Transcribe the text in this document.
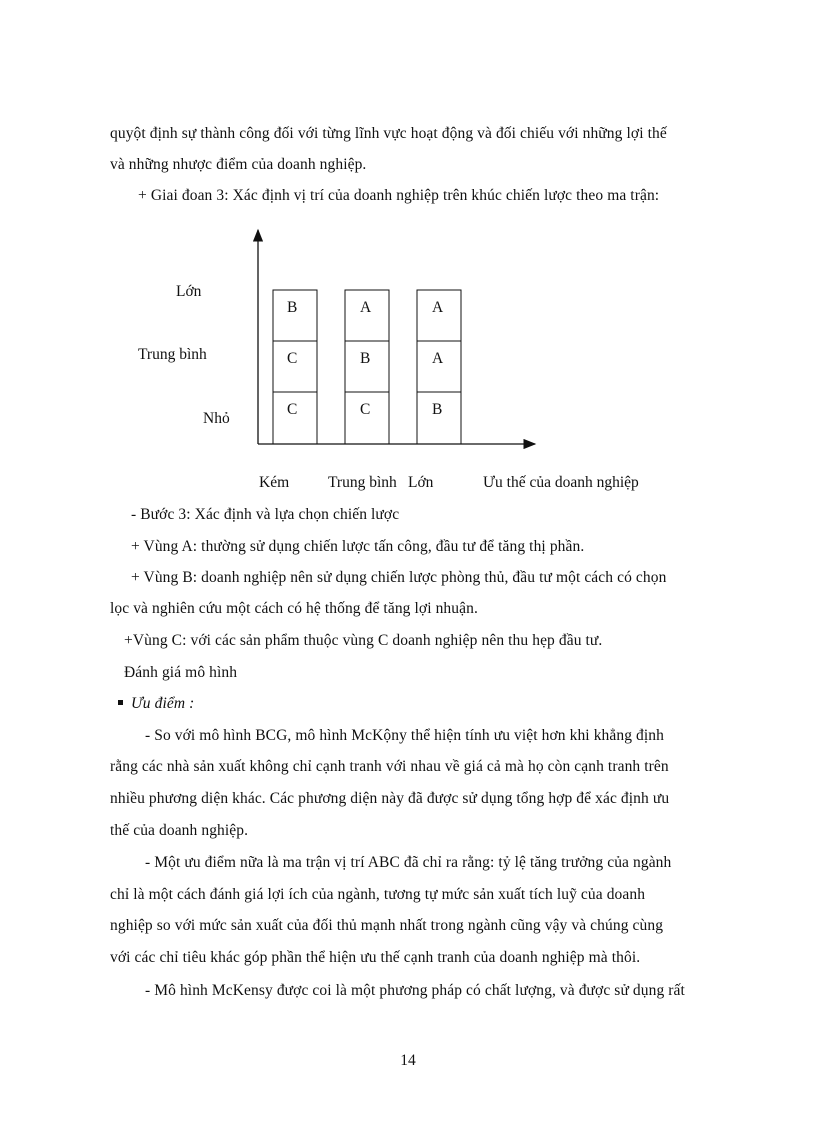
quyột định sự thành công đối với từng lĩnh vực hoạt động và đối chiếu với những lợi thế
và những nhược điểm của doanh nghiệp.
+ Giai đoan 3: Xác định vị trí của doanh nghiệp trên khúc chiến lược theo ma trận:
B
C
C
A
B
C
A
A
B
Lớn
Trung bình
Nhỏ
Kém	Trung bình Lớn	Ưu thế của doanh nghiệp
- Bước 3: Xác định và lựa chọn chiến lược
+ Vùng A: thường sử dụng chiến lược tấn công, đầu tư để tăng thị phần.
+ Vùng B: doanh nghiệp nên sử dụng chiến lược phòng thủ, đầu tư một cách có chọn
lọc và nghiên cứu một cách có hệ thống để tăng lợi nhuận.
+Vùng C: với các sản phẩm thuộc vùng C doanh nghiệp nên thu hẹp đầu tư.
Đánh giá mô hình
Ưu điểm :
- So với mô hình BCG, mô hình McKộny thể hiện tính ưu việt hơn khi khẳng định
rằng các nhà sản xuất không chỉ cạnh tranh với nhau về giá cả mà họ còn cạnh tranh trên
nhiều phương diện khác. Các phương diện này đã được sử dụng tổng hợp để xác định ưu
thế của doanh nghiệp.
- Một ưu điểm nữa là ma trận vị trí ABC đã chỉ ra rằng: tỷ lệ tăng trưởng của ngành
chỉ là một cách đánh giá lợi ích của ngành, tương tự mức sản xuất tích luỹ của doanh
nghiệp so với mức sản xuất của đối thủ mạnh nhất trong ngành cũng vậy và chúng cùng
với các chỉ tiêu khác góp phần thể hiện ưu thế cạnh tranh của doanh nghiệp mà thôi.
- Mô hình McKensy được coi là một phương pháp có chất lượng, và được sử dụng rất
14
